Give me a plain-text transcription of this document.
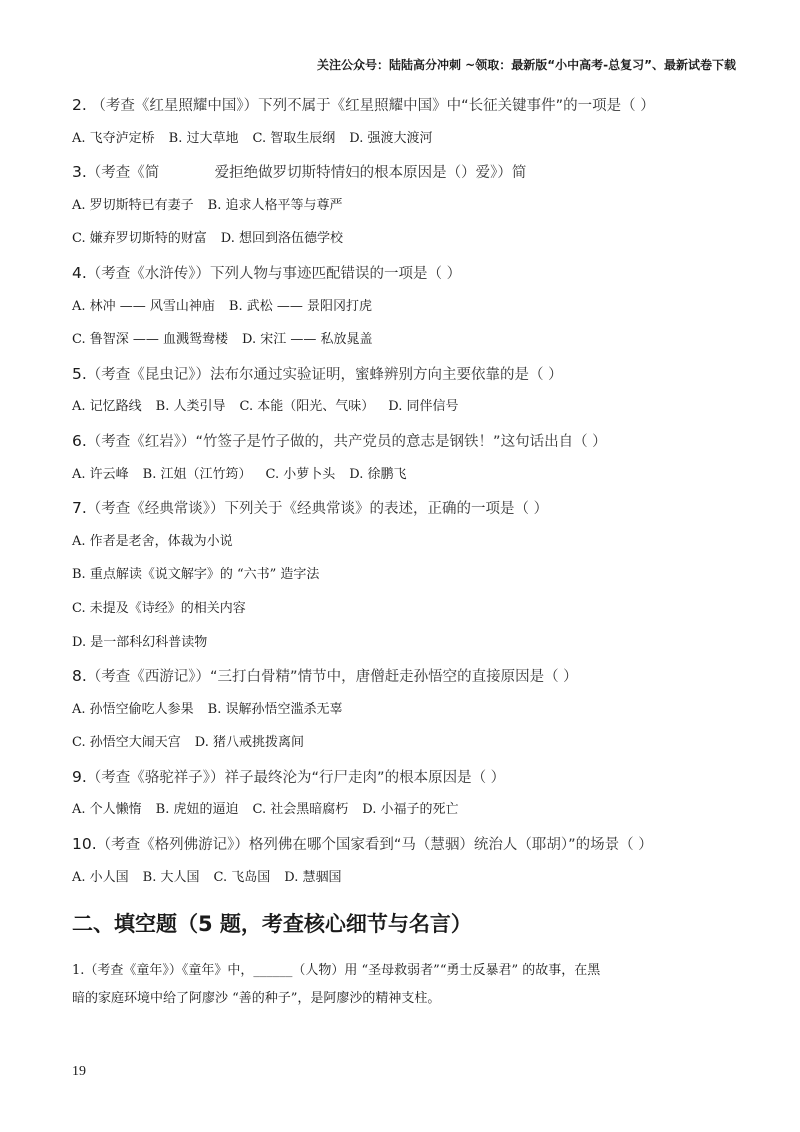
关注公众号：陆陆高分冲刺 ~领取：最新版“小中高考-总复习”、最新试卷下载
2. （考查《红星照耀中国》）下列不属于《红星照耀中国》中“长征关键事件”的一项是（ ）
A. 飞夺泸定桥 B. 过大草地 C. 智取生辰纲 D. 强渡大渡河
3.（考查《简            爱拒绝做罗切斯特情妇的根本原因是（）爱》）简
A. 罗切斯特已有妻子 B. 追求人格平等与尊严
C. 嫌弃罗切斯特的财富 D. 想回到洛伍德学校
4.（考查《水浒传》）下列人物与事迹匹配错误的一项是（ ）
A. 林冲 —— 风雪山神庙 B. 武松 —— 景阳冈打虎
C. 鲁智深 —— 血溅鸳鸯楼 D. 宋江 —— 私放晁盖
5.（考查《昆虫记》）法布尔通过实验证明，蜜蜂辨别方向主要依靠的是（ ）
A. 记忆路线 B. 人类引导 C. 本能（阳光、气味） D. 同伴信号
6.（考查《红岩》）“竹签子是竹子做的，共产党员的意志是钢铁！”这句话出自（ ）
A. 许云峰 B. 江姐（江竹筠） C. 小萝卜头 D. 徐鹏飞
7.（考查《经典常谈》）下列关于《经典常谈》的表述，正确的一项是（ ）
A. 作者是老舍，体裁为小说
B. 重点解读《说文解字》的 “六书” 造字法
C. 未提及《诗经》的相关内容
D. 是一部科幻科普读物
8.（考查《西游记》）“三打白骨精”情节中，唐僧赶走孙悟空的直接原因是（ ）
A. 孙悟空偷吃人参果 B. 误解孙悟空滥杀无辜
C. 孙悟空大闹天宫 D. 猪八戒挑拨离间
9.（考查《骆驼祥子》）祥子最终沦为“行尸走肉”的根本原因是（ ）
A. 个人懒惰 B. 虎妞的逼迫 C. 社会黑暗腐朽 D. 小福子的死亡
10.（考查《格列佛游记》）格列佛在哪个国家看到“马（慧骃）统治人（耶胡）”的场景（ ）
A. 小人国 B. 大人国 C. 飞岛国 D. 慧骃国
二、填空题（5 题，考查核心细节与名言）
1.（考查《童年》）《童年》中，______（人物）用 “圣母救弱者”“勇士反暴君” 的故事，在黑
暗的家庭环境中给了阿廖沙 “善的种子”，是阿廖沙的精神支柱。
19
